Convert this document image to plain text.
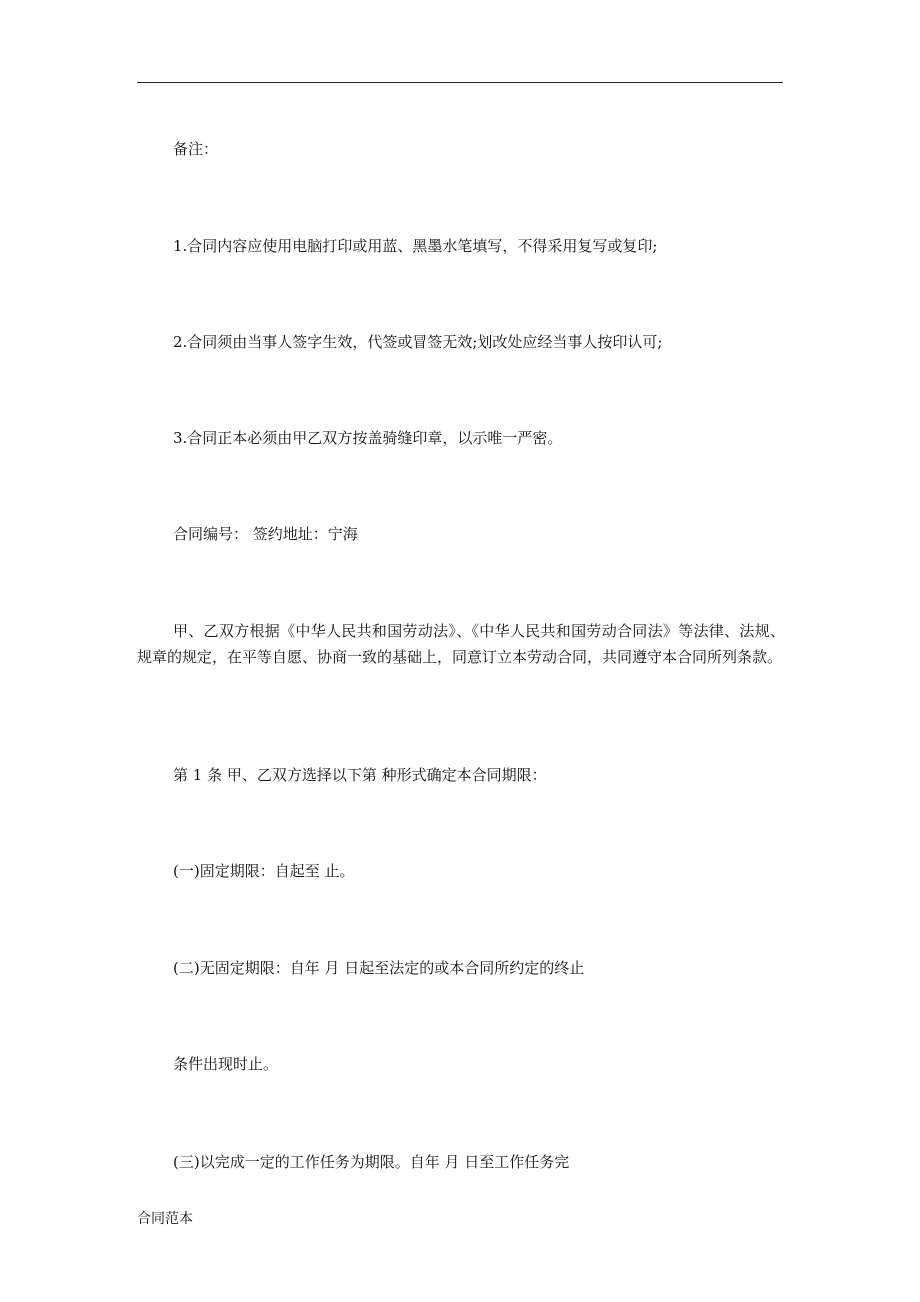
备注：
1.合同内容应使用电脑打印或用蓝、黑墨水笔填写，不得采用复写或复印;
2.合同须由当事人签字生效，代签或冒签无效;划改处应经当事人按印认可;
3.合同正本必须由甲乙双方按盖骑缝印章，以示唯一严密。
合同编号： 签约地址：宁海
甲、乙双方根据《中华人民共和国劳动法》、《中华人民共和国劳动合同法》等法律、法规、规章的规定，在平等自愿、协商一致的基础上，同意订立本劳动合同，共同遵守本合同所列条款。
第 1 条 甲、乙双方选择以下第 种形式确定本合同期限：
(一)固定期限：自起至 止。
(二)无固定期限：自年 月 日起至法定的或本合同所约定的终止
条件出现时止。
(三)以完成一定的工作任务为期限。自年 月 日至工作任务完
合同范本
